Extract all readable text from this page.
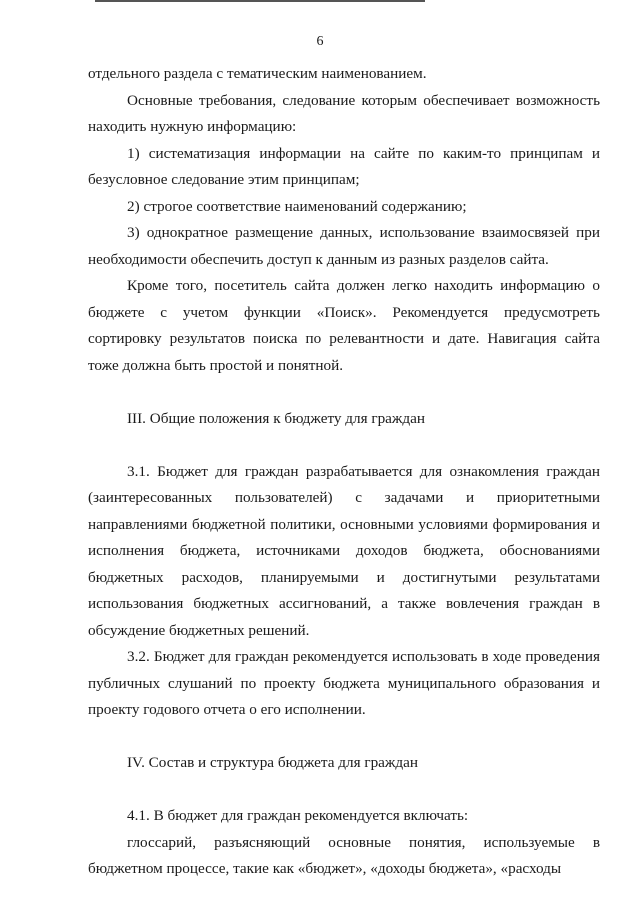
6

отдельного раздела с тематическим наименованием.

Основные требования, следование которым обеспечивает возможность находить нужную информацию:

1) систематизация информации на сайте по каким-то принципам и безусловное следование этим принципам;

2) строгое соответствие наименований содержанию;

3) однократное размещение данных, использование взаимосвязей при необходимости обеспечить доступ к данным из разных разделов сайта.

Кроме того, посетитель сайта должен легко находить информацию о бюджете с учетом функции «Поиск». Рекомендуется предусмотреть сортировку результатов поиска по релевантности и дате. Навигация сайта тоже должна быть простой и понятной.

III. Общие положения к бюджету для граждан

3.1. Бюджет для граждан разрабатывается для ознакомления граждан (заинтересованных пользователей) с задачами и приоритетными направлениями бюджетной политики, основными условиями формирования и исполнения бюджета, источниками доходов бюджета, обоснованиями бюджетных расходов, планируемыми и достигнутыми результатами использования бюджетных ассигнований, а также вовлечения граждан в обсуждение бюджетных решений.

3.2. Бюджет для граждан рекомендуется использовать в ходе проведения публичных слушаний по проекту бюджета муниципального образования и проекту годового отчета о его исполнении.

IV. Состав и структура бюджета для граждан

4.1. В бюджет для граждан рекомендуется включать:

глоссарий, разъясняющий основные понятия, используемые в бюджетном процессе, такие как «бюджет», «доходы бюджета», «расходы
